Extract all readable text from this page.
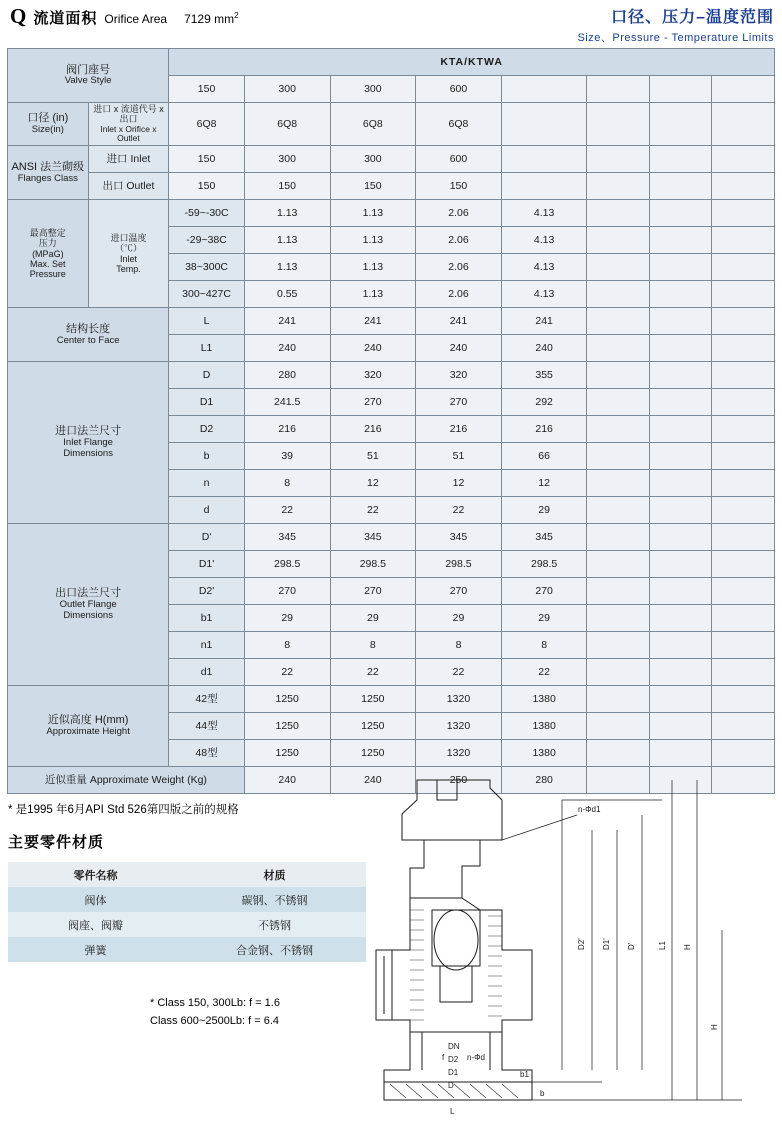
Q 流道面积 Orifice Area 7129 $mm^2$	口径、压力–温度范围
Size、Pressure - Temperature Limits
阀门座号
Valve Style		KTA/KTWA							
		150	300	300	600				

口径 (in)
Size(in)

进口 x 流道代号 x 出口
Inlet x Orifice x Outlet
	6Q8	6Q8	6Q8	6Q8				

ANSI 法兰砌级
Flanges Class	进口 Inlet	150	300	300	600				
	出口 Outlet	150	150	150	150				

最高整定
压力
(MPaG)
Max. Set
Pressure

进口温度
（℃）
Inlet
Temp.
	-59~-30C	1.13	1.13	2.06	4.13			
		-29~38C	1.13	1.13	2.06	4.13			
		38~300C	1.13	1.13	2.06	4.13			
		300~427C	0.55	1.13	2.06	4.13			

结构长度
Center to Face		L	241	241	241	241			
		L1	240	240	240	240			

进口法兰尺寸
Inlet Flange
Dimensions		D	280	320	320	355			
		D1	241.5	270	270	292			
		D2	216	216	216	216			
		b	39	51	51	66			
		n	8	12	12	12			
		d	22	22	22	29			

出口法兰尺寸
Outlet Flange
Dimensions		D'	345	345	345	345			
		D1'	298.5	298.5	298.5	298.5			
		D2'	270	270	270	270			
		b1	29	29	29	29			
		n1	8	8	8	8			
		d1	22	22	22	22			

近似高度 H(mm)
Approximate Height		42型	1250	1250	1320	1380			
		44型	1250	1250	1320	1380			
		48型	1250	1250	1320	1380			
近似重量 Approximate Weight (Kg)			240	240	250	280			
* 是1995 年6月API Std 526第四版之前的规格
主要零件材质
零件名称	材质
阀体	碳钢、不锈钢
阀座、阀瓣	不锈钢
弹簧	合金钢、不锈钢
* Class 150, 300Lb: f = 1.6
Class 600~2500Lb: f = 6.4
n-Φd1
D2' D1' D'	L1 H
H
n-Φd
f
b1
b
L
D
D1
D2
DN
